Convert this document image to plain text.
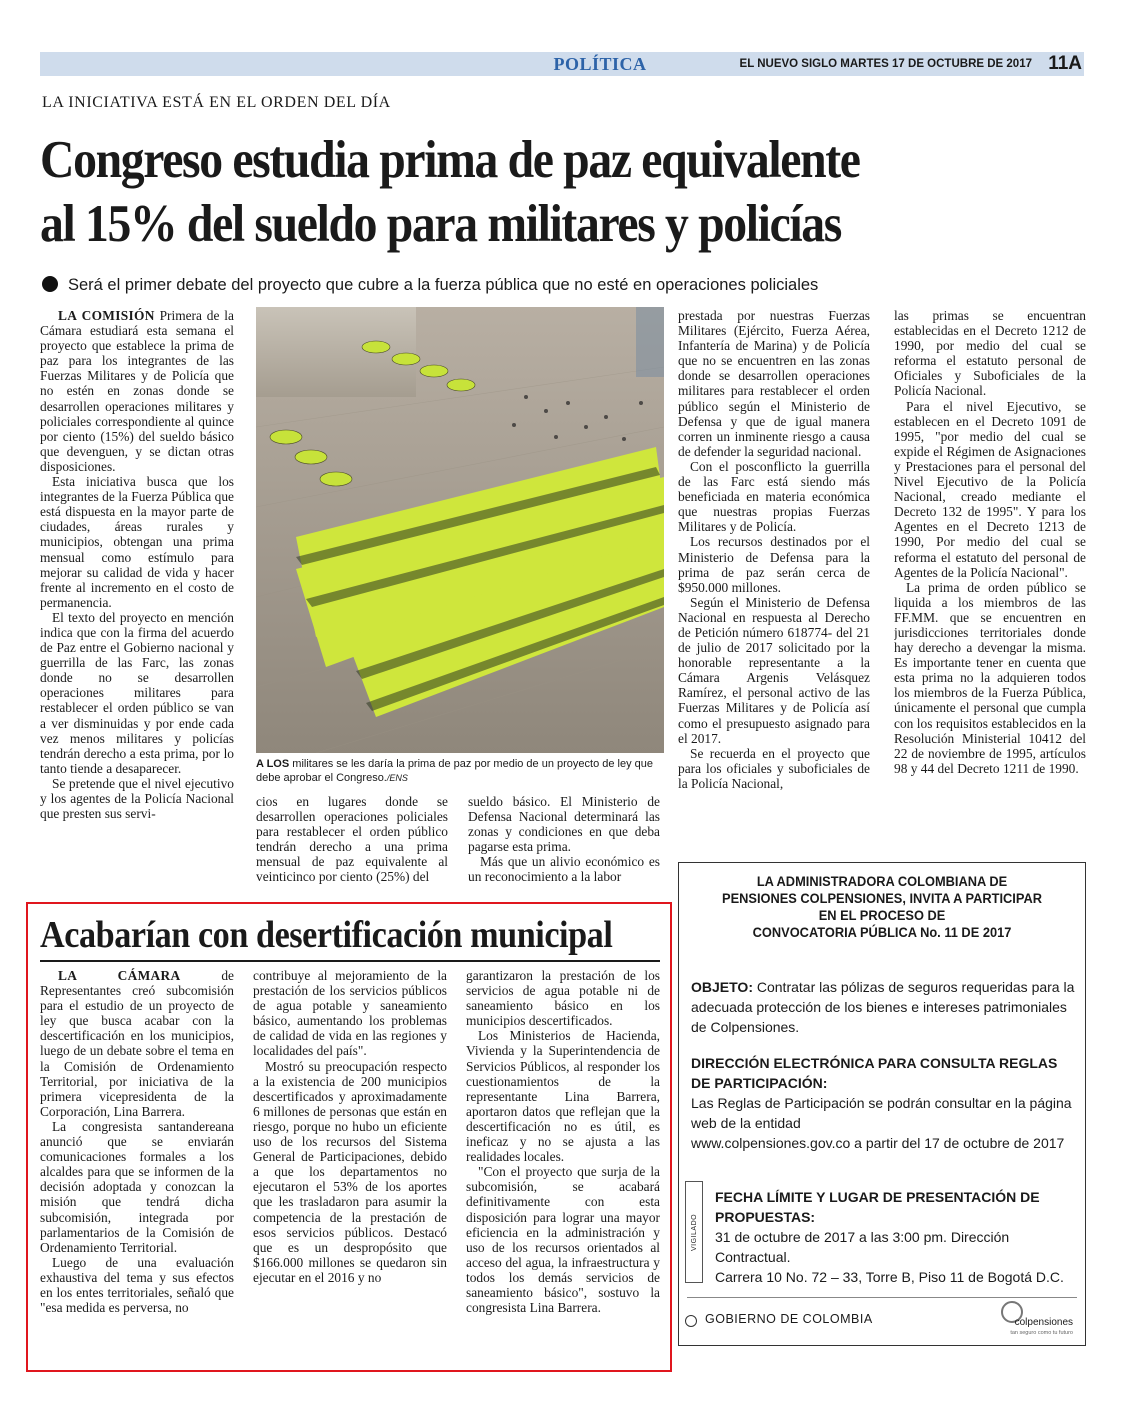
POLÍTICA	EL NUEVO SIGLO MARTES 17 DE OCTUBRE DE 2017 11A
LA INICIATIVA ESTÁ EN EL ORDEN DEL DÍA
Congreso estudia prima de paz equivalente
al 15% del sueldo para militares y policías
Será el primer debate del proyecto que cubre a la fuerza pública que no esté en operaciones policiales

LA COMISIÓN Primera de la Cámara estudiará esta semana el proyecto que establece la prima de paz para los integrantes de las Fuerzas Militares y de Policía que no estén en zonas donde se desarrollen operaciones militares y policiales correspondiente al quince por ciento (15%) del sueldo básico que devenguen, y se dictan otras disposiciones.

Esta iniciativa busca que los integrantes de la Fuerza Pública que está dispuesta en la mayor parte de ciudades, áreas rurales y municipios, obtengan una prima mensual como estímulo para mejorar su calidad de vida y hacer frente al incremento en el costo de permanencia.

El texto del proyecto en mención indica que con la firma del acuerdo de Paz entre el Gobierno nacional y guerrilla de las Farc, las zonas donde no se desarrollen operaciones militares para restablecer el orden público se van a ver disminuidas y por ende cada vez menos militares y policías tendrán derecho a esta prima, por lo tanto tiende a desaparecer.

Se pretende que el nivel ejecutivo y los agentes de la Policía Nacional que presten sus servi-

A LOS militares se les daría la prima de paz por medio de un proyecto de ley que debe aprobar el Congreso./ENS

cios en lugares donde se desarrollen operaciones policiales para restablecer el orden público tendrán derecho a una prima mensual de paz equivalente al veinticinco por ciento (25%) del

sueldo básico. El Ministerio de Defensa Nacional determinará las zonas y condiciones en que deba pagarse esta prima.

Más que un alivio económico es un reconocimiento a la labor

prestada por nuestras Fuerzas Militares (Ejército, Fuerza Aérea, Infantería de Marina) y de Policía que no se encuentren en las zonas donde se desarrollen operaciones militares para restablecer el orden público según el Ministerio de Defensa y que de igual manera corren un inminente riesgo a causa de defender la seguridad nacional.

Con el posconflicto la guerrilla de las Farc está siendo más beneficiada en materia económica que nuestras propias Fuerzas Militares y de Policía.

Los recursos destinados por el Ministerio de Defensa para la prima de paz serán cerca de $950.000 millones.

Según el Ministerio de Defensa Nacional en respuesta al Derecho de Petición número 618774- del 21 de julio de 2017 solicitado por la honorable representante a la Cámara Argenis Velásquez Ramírez, el personal activo de las Fuerzas Militares y de Policía así como el presupuesto asignado para el 2017.

Se recuerda en el proyecto que para los oficiales y suboficiales de la Policía Nacional,

las primas se encuentran establecidas en el Decreto 1212 de 1990, por medio del cual se reforma el estatuto personal de Oficiales y Suboficiales de la Policía Nacional.

Para el nivel Ejecutivo, se establecen en el Decreto 1091 de 1995, "por medio del cual se expide el Régimen de Asignaciones y Prestaciones para el personal del Nivel Ejecutivo de la Policía Nacional, creado mediante el Decreto 132 de 1995". Y para los Agentes en el Decreto 1213 de 1990, Por medio del cual se reforma el estatuto del personal de Agentes de la Policía Nacional".

La prima de orden público se liquida a los miembros de las FF.MM. que se encuentren en jurisdicciones territoriales donde hay derecho a devengar la misma. Es importante tener en cuenta que esta prima no la adquieren todos los miembros de la Fuerza Pública, únicamente el personal que cumpla con los requisitos establecidos en la Resolución Ministerial 10412 del 22 de noviembre de 1995, artículos 98 y 44 del Decreto 1211 de 1990.

Acabarían con desertificación municipal

LA CÁMARA	de Representantes creó subcomisión para el estudio de un proyecto de ley que busca acabar con la descertificación en los municipios, luego de un debate sobre el tema en la Comisión de Ordenamiento Territorial, por iniciativa de la primera vicepresidenta de la Corporación, Lina Barrera.

La congresista santandereana anunció que se enviarán comunicaciones formales a los alcaldes para que se informen de la decisión adoptada y conozcan la misión que tendrá dicha subcomisión, integrada por parlamentarios de la Comisión de Ordenamiento Territorial.

Luego de una evaluación exhaustiva del tema y sus efectos en los entes territoriales, señaló que "esa medida es perversa, no

contribuye al mejoramiento de la prestación de los servicios públicos de agua potable y saneamiento básico, aumentando los problemas de calidad de vida en las regiones y localidades del país".

Mostró su preocupación respecto a la existencia de 200 municipios descertificados y aproximadamente 6 millones de personas que están en riesgo, porque no hubo un eficiente uso de los recursos del Sistema General de Participaciones, debido a que los departamentos no ejecutaron el 53% de los aportes que les trasladaron para asumir la competencia de la prestación de esos servicios públicos. Destacó que es un despropósito que $166.000 millones se quedaron sin ejecutar en el 2016 y no

garantizaron la prestación de los servicios de agua potable ni de saneamiento básico en los municipios descertificados.

Los Ministerios de Hacienda, Vivienda y la Superintendencia de Servicios Públicos, al responder los cuestionamientos de la representante Lina Barrera, aportaron datos que reflejan que la descertificación no es útil, es ineficaz y no se ajusta a las realidades locales.

"Con el proyecto que surja de la subcomisión, se acabará definitivamente con esta disposición para lograr una mayor eficiencia en la administración y uso de los recursos orientados al acceso del agua, la infraestructura y todos los demás servicios de saneamiento básico", sostuvo la congresista Lina Barrera.

LA ADMINISTRADORA COLOMBIANA DE
PENSIONES COLPENSIONES, INVITA A PARTICIPAR
EN EL PROCESO DE
CONVOCATORIA PÚBLICA No. 11 DE 2017
OBJETO: Contratar las pólizas de seguros requeridas para la adecuada protección de los bienes e intereses patrimoniales de Colpensiones.
DIRECCIÓN ELECTRÓNICA PARA CONSULTA REGLAS DE PARTICIPACIÓN:
Las Reglas de Participación se podrán consultar en la página web de la entidad
www.colpensiones.gov.co a partir del 17 de octubre de 2017
VIGILADO
FECHA LÍMITE Y LUGAR DE PRESENTACIÓN DE PROPUESTAS:
31 de octubre de 2017 a las 3:00 pm. Dirección Contractual.
Carrera 10 No. 72 – 33, Torre B, Piso 11 de Bogotá D.C.
GOBIERNO DE COLOMBIA	colpensiones
tan seguro como tu futuro
